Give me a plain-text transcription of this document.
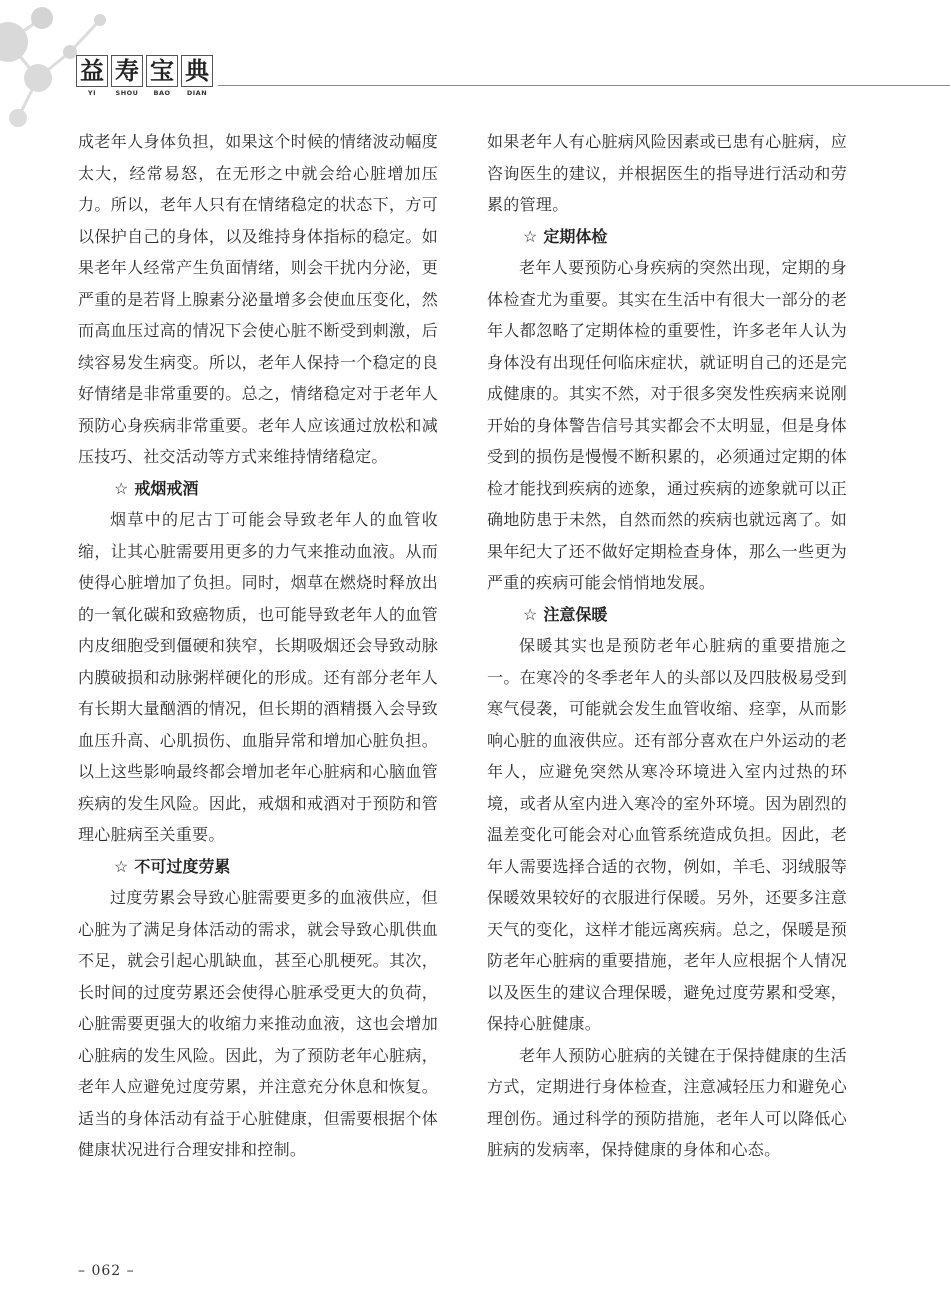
益 寿 宝 典
YI	SHOU	BAO	DIAN

成老年人身体负担，如果这个时候的情绪波动幅度太大，经常易怒，在无形之中就会给心脏增加压力。所以，老年人只有在情绪稳定的状态下，方可以保护自己的身体，以及维持身体指标的稳定。如果老年人经常产生负面情绪，则会干扰内分泌，更严重的是若肾上腺素分泌量增多会使血压变化，然而高血压过高的情况下会使心脏不断受到刺激，后续容易发生病变。所以，老年人保持一个稳定的良好情绪是非常重要的。总之，情绪稳定对于老年人预防心身疾病非常重要。老年人应该通过放松和减压技巧、社交活动等方式来维持情绪稳定。

☆ 戒烟戒酒

烟草中的尼古丁可能会导致老年人的血管收缩，让其心脏需要用更多的力气来推动血液。从而使得心脏增加了负担。同时，烟草在燃烧时释放出的一氧化碳和致癌物质，也可能导致老年人的血管内皮细胞受到僵硬和狭窄，长期吸烟还会导致动脉内膜破损和动脉粥样硬化的形成。还有部分老年人有长期大量酗酒的情况，但长期的酒精摄入会导致血压升高、心肌损伤、血脂异常和增加心脏负担。以上这些影响最终都会增加老年心脏病和心脑血管疾病的发生风险。因此，戒烟和戒酒对于预防和管理心脏病至关重要。

☆ 不可过度劳累

过度劳累会导致心脏需要更多的血液供应，但心脏为了满足身体活动的需求，就会导致心肌供血不足，就会引起心肌缺血，甚至心肌梗死。其次，长时间的过度劳累还会使得心脏承受更大的负荷，心脏需要更强大的收缩力来推动血液，这也会增加心脏病的发生风险。因此，为了预防老年心脏病，老年人应避免过度劳累，并注意充分休息和恢复。适当的身体活动有益于心脏健康，但需要根据个体健康状况进行合理安排和控制。

如果老年人有心脏病风险因素或已患有心脏病，应咨询医生的建议，并根据医生的指导进行活动和劳累的管理。

☆ 定期体检

老年人要预防心身疾病的突然出现，定期的身体检查尤为重要。其实在生活中有很大一部分的老年人都忽略了定期体检的重要性，许多老年人认为身体没有出现任何临床症状，就证明自己的还是完成健康的。其实不然，对于很多突发性疾病来说刚开始的身体警告信号其实都会不太明显，但是身体受到的损伤是慢慢不断积累的，必须通过定期的体检才能找到疾病的迹象，通过疾病的迹象就可以正确地防患于未然，自然而然的疾病也就远离了。如果年纪大了还不做好定期检查身体，那么一些更为严重的疾病可能会悄悄地发展。

☆ 注意保暖

保暖其实也是预防老年心脏病的重要措施之一。在寒冷的冬季老年人的头部以及四肢极易受到寒气侵袭，可能就会发生血管收缩、痉挛，从而影响心脏的血液供应。还有部分喜欢在户外运动的老年人，应避免突然从寒冷环境进入室内过热的环境，或者从室内进入寒冷的室外环境。因为剧烈的温差变化可能会对心血管系统造成负担。因此，老年人需要选择合适的衣物，例如，羊毛、羽绒服等保暖效果较好的衣服进行保暖。另外，还要多注意天气的变化，这样才能远离疾病。总之，保暖是预防老年心脏病的重要措施，老年人应根据个人情况以及医生的建议合理保暖，避免过度劳累和受寒，保持心脏健康。

老年人预防心脏病的关键在于保持健康的生活方式，定期进行身体检查，注意减轻压力和避免心理创伤。通过科学的预防措施，老年人可以降低心脏病的发病率，保持健康的身体和心态。

– 062 –
